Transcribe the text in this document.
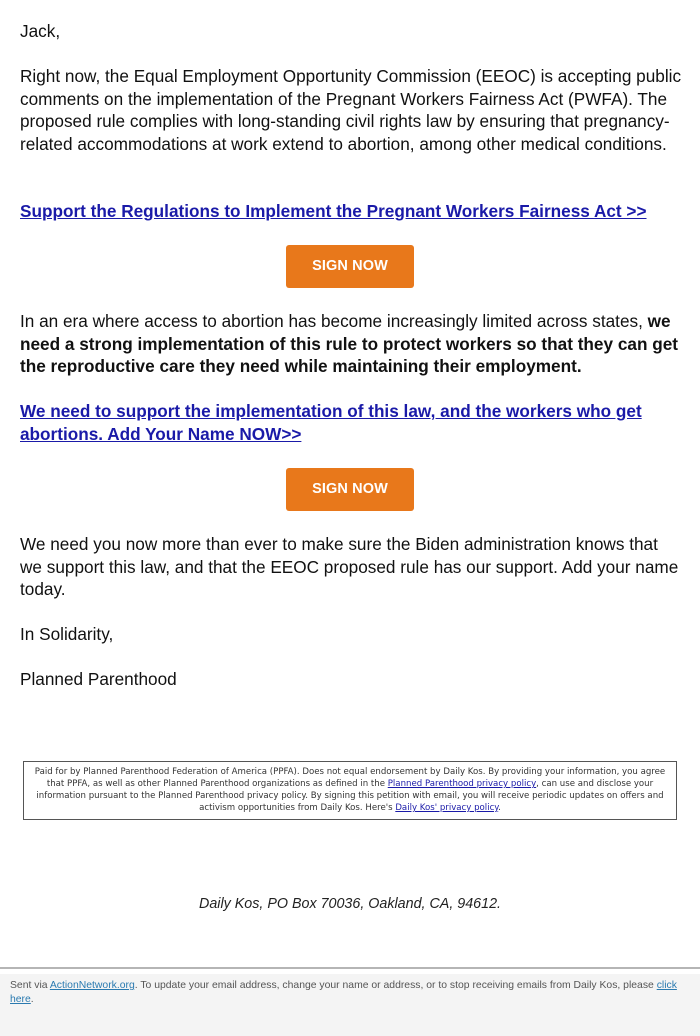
Jack,
Right now, the Equal Employment Opportunity Commission (EEOC) is accepting public comments on the implementation of the Pregnant Workers Fairness Act (PWFA). The proposed rule complies with long-standing civil rights law by ensuring that pregnancy-related accommodations at work extend to abortion, among other medical conditions.
Support the Regulations to Implement the Pregnant Workers Fairness Act >>
SIGN NOW
In an era where access to abortion has become increasingly limited across states, we need a strong implementation of this rule to protect workers so that they can get the reproductive care they need while maintaining their employment.
We need to support the implementation of this law, and the workers who get abortions. Add Your Name NOW>>
SIGN NOW
We need you now more than ever to make sure the Biden administration knows that we support this law, and that the EEOC proposed rule has our support. Add your name today.
In Solidarity,
Planned Parenthood
Paid for by Planned Parenthood Federation of America (PPFA). Does not equal endorsement by Daily Kos. By providing your information, you agree that PPFA, as well as other Planned Parenthood organizations as defined in the Planned Parenthood privacy policy, can use and disclose your information pursuant to the Planned Parenthood privacy policy. By signing this petition with email, you will receive periodic updates on offers and activism opportunities from Daily Kos. Here's Daily Kos' privacy policy.
Daily Kos, PO Box 70036, Oakland, CA, 94612.
Sent via ActionNetwork.org. To update your email address, change your name or address, or to stop receiving emails from Daily Kos, please click here.
